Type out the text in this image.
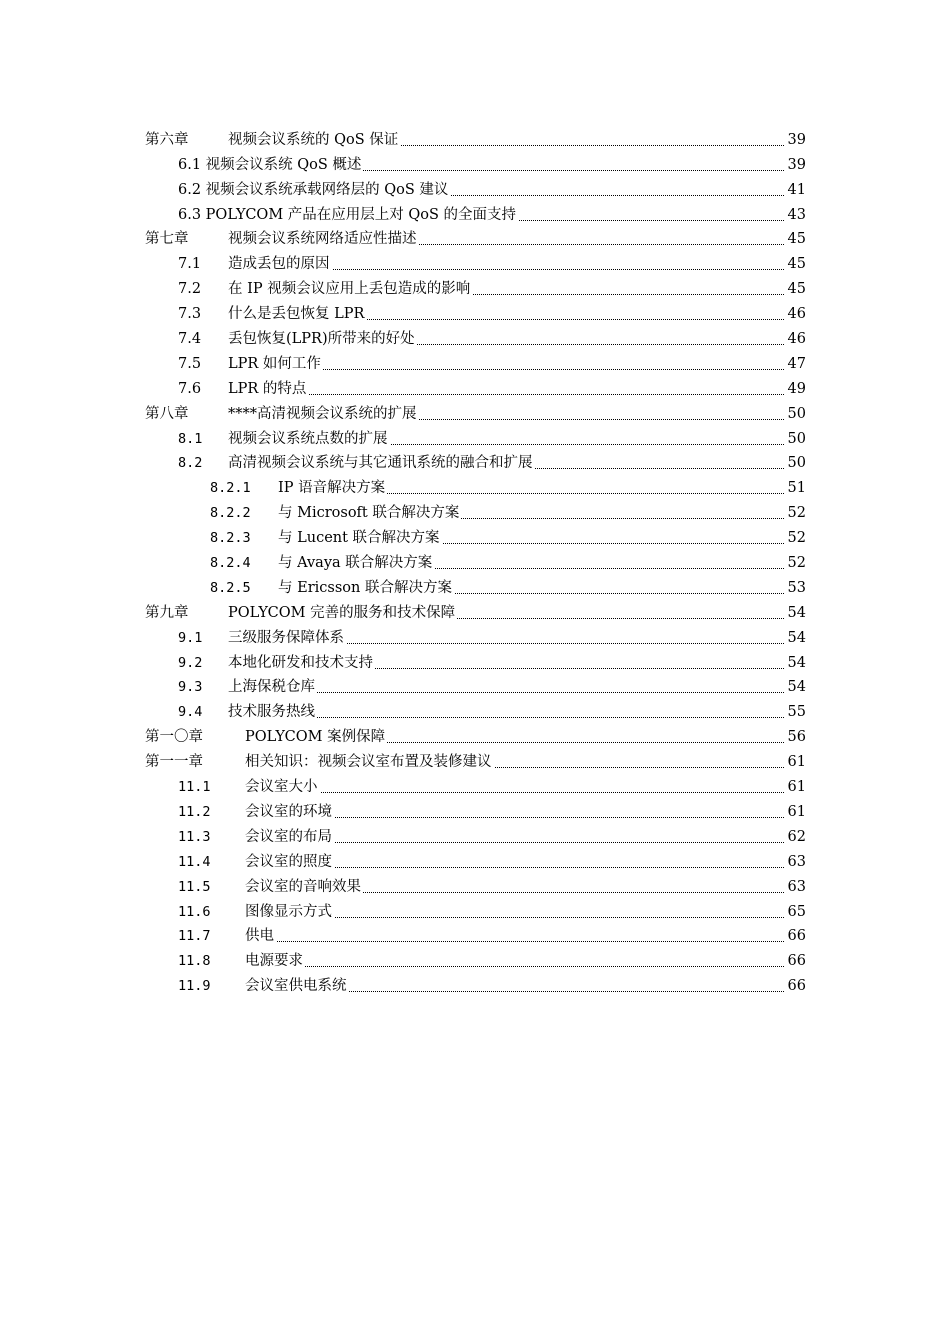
第六章	视频会议系统的 QoS 保证	39
6.1 视频会议系统 QoS 概述	39
6.2 视频会议系统承载网络层的 QoS 建议	41
6.3 POLYCOM 产品在应用层上对 QoS 的全面支持	43
第七章	视频会议系统网络适应性描述	45
7.1 造成丢包的原因	45
7.2 在 IP 视频会议应用上丢包造成的影响	45
7.3 什么是丢包恢复 LPR	46
7.4 丢包恢复(LPR)所带来的好处	46
7.5 LPR 如何工作	47
7.6 LPR 的特点	49
第八章	****高清视频会议系统的扩展	50
8.1 视频会议系统点数的扩展	50
8.2 高清视频会议系统与其它通讯系统的融合和扩展	50
8.2.1 IP 语音解决方案	51
8.2.2 与 Microsoft 联合解决方案	52
8.2.3 与 Lucent 联合解决方案	52
8.2.4 与 Avaya 联合解决方案	52
8.2.5 与 Ericsson 联合解决方案	53
第九章	POLYCOM 完善的服务和技术保障	54
9.1 三级服务保障体系	54
9.2 本地化研发和技术支持	54
9.3 上海保税仓库	54
9.4 技术服务热线	55
第一〇章	POLYCOM 案例保障	56
第一一章	相关知识：视频会议室布置及装修建议	61
11.1 会议室大小	61
11.2 会议室的环境	61
11.3 会议室的布局	62
11.4 会议室的照度	63
11.5 会议室的音响效果	63
11.6 图像显示方式	65
11.7 供电	66
11.8 电源要求	66
11.9 会议室供电系统	66
